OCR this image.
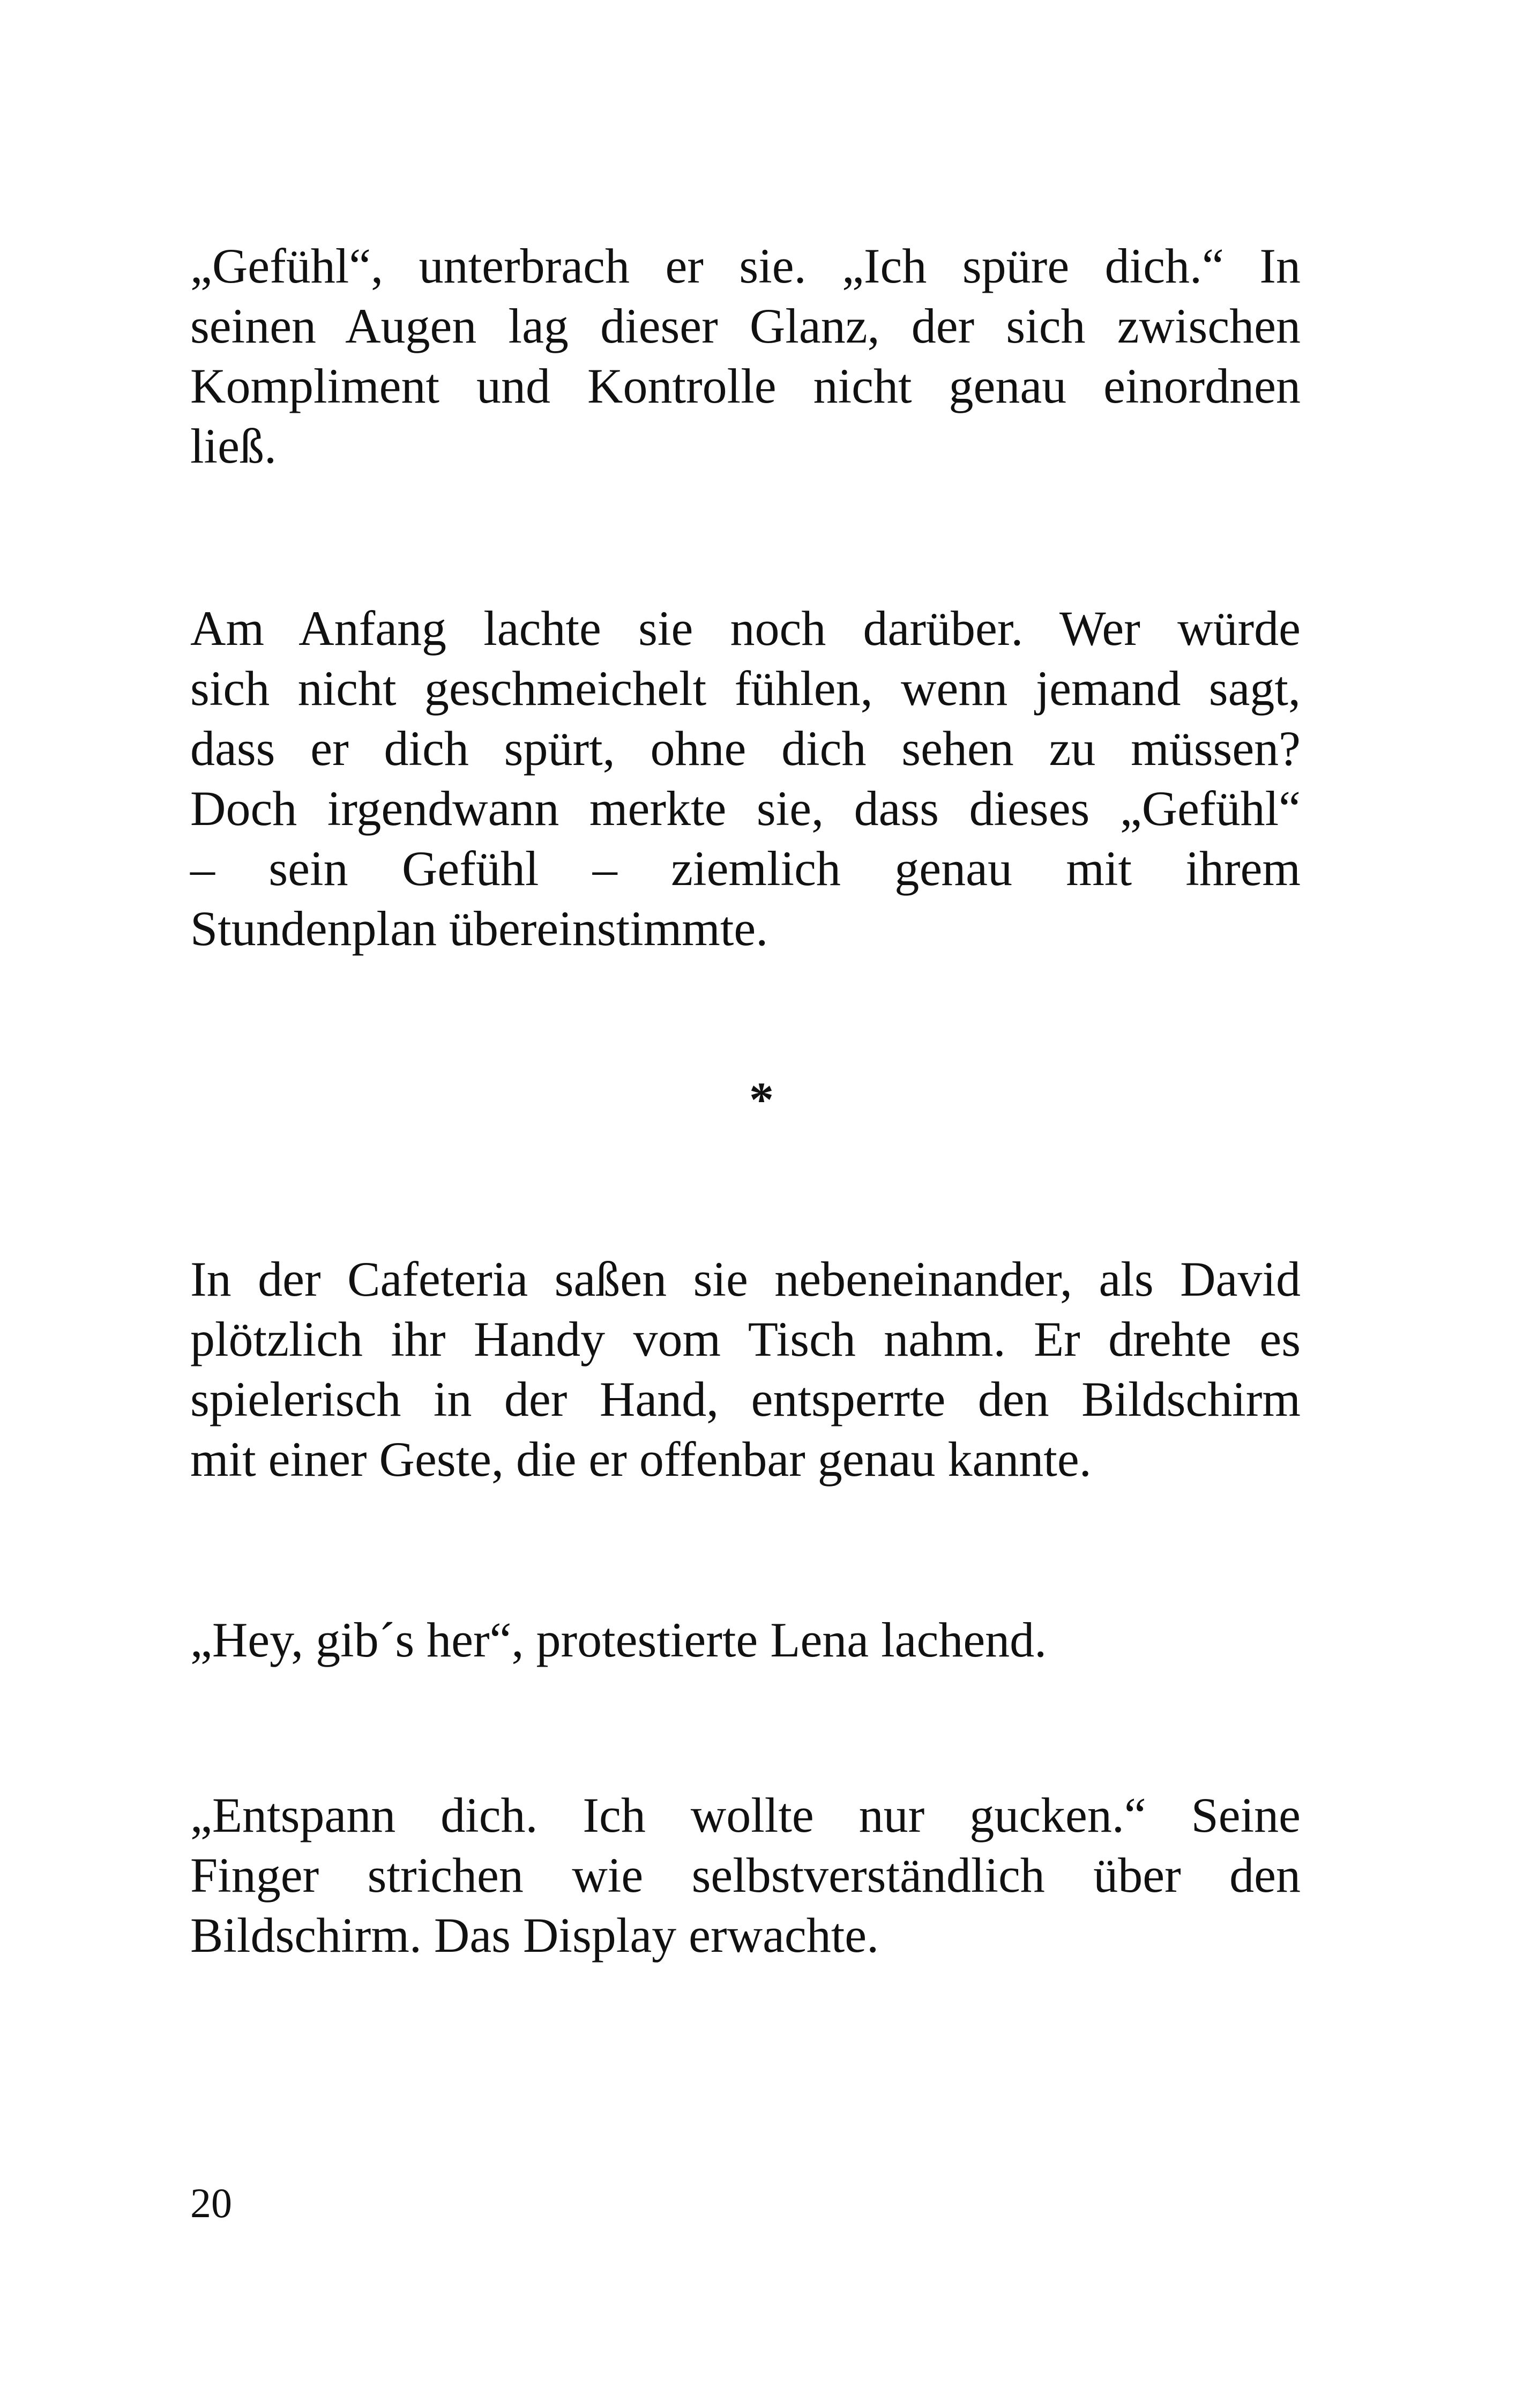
„Gefühl“, unterbrach er sie. „Ich spüre dich.“ In
seinen Augen lag dieser Glanz, der sich zwischen
Kompliment und Kontrolle nicht genau einordnen
ließ.

Am Anfang lachte sie noch darüber. Wer würde
sich nicht geschmeichelt fühlen, wenn jemand sagt,
dass er dich spürt, ohne dich sehen zu müssen?
Doch irgendwann merkte sie, dass dieses „Gefühl“
– sein Gefühl – ziemlich genau mit ihrem
Stundenplan übereinstimmte.

*

In der Cafeteria saßen sie nebeneinander, als David
plötzlich ihr Handy vom Tisch nahm. Er drehte es
spielerisch in der Hand, entsperrte den Bildschirm
mit einer Geste, die er offenbar genau kannte.

„Hey, gib´s her“, protestierte Lena lachend.

„Entspann dich. Ich wollte nur gucken.“ Seine
Finger strichen wie selbstverständlich über den
Bildschirm. Das Display erwachte.

20
